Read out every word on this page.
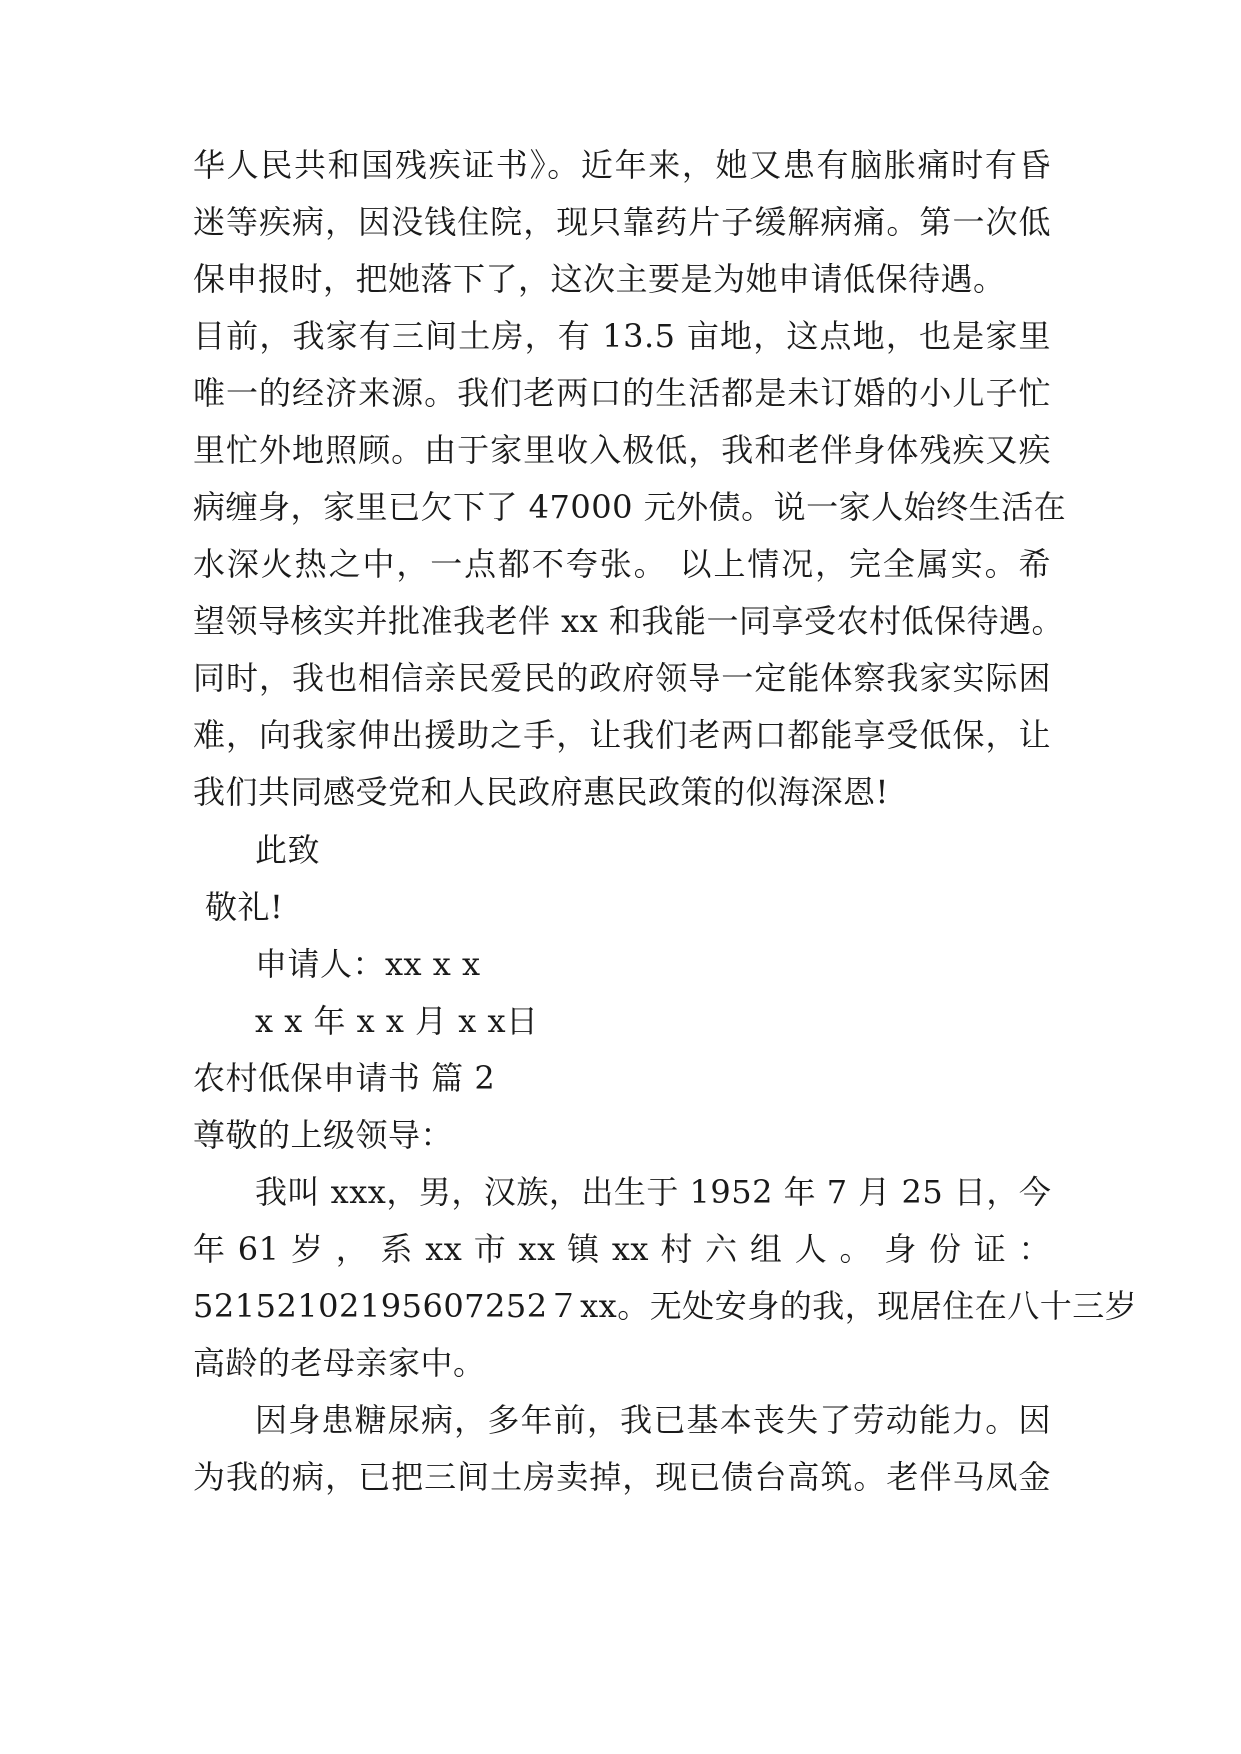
华人民共和国残疾证书》。近年来，她又患有脑胀痛时有昏
迷等疾病，因没钱住院，现只靠药片子缓解病痛。第一次低
保申报时，把她落下了，这次主要是为她申请低保待遇。
目前，我家有三间土房，有 13.5 亩地，这点地，也是家里
唯一的经济来源。我们老两口的生活都是未订婚的小儿子忙
里忙外地照顾。由于家里收入极低，我和老伴身体残疾又疾
病缠身，家里已欠下了 47000 元外债。说一家人始终生活在
水深火热之中，一点都不夸张。 以上情况，完全属实。希
望领导核实并批准我老伴 xx 和我能一同享受农村低保待遇。
同时，我也相信亲民爱民的政府领导一定能体察我家实际困
难，向我家伸出援助之手，让我们老两口都能享受低保，让
我们共同感受党和人民政府惠民政策的似海深恩!
此致
敬礼!
申请人：xx x x
x x 年 x x 月 x x日
农村低保申请书 篇 2
尊敬的上级领导：
我叫 xxx，男，汉族，出生于 1952 年 7 月 25 日，今
年 61 岁 ， 系 xx 市 xx 镇 xx 村 六 组 人 。 身 份 证 ：
52152102195607252７xx。无处安身的我，现居住在八十三岁
高龄的老母亲家中。
因身患糖尿病，多年前，我已基本丧失了劳动能力。因
为我的病，已把三间土房卖掉，现已债台高筑。老伴马凤金
